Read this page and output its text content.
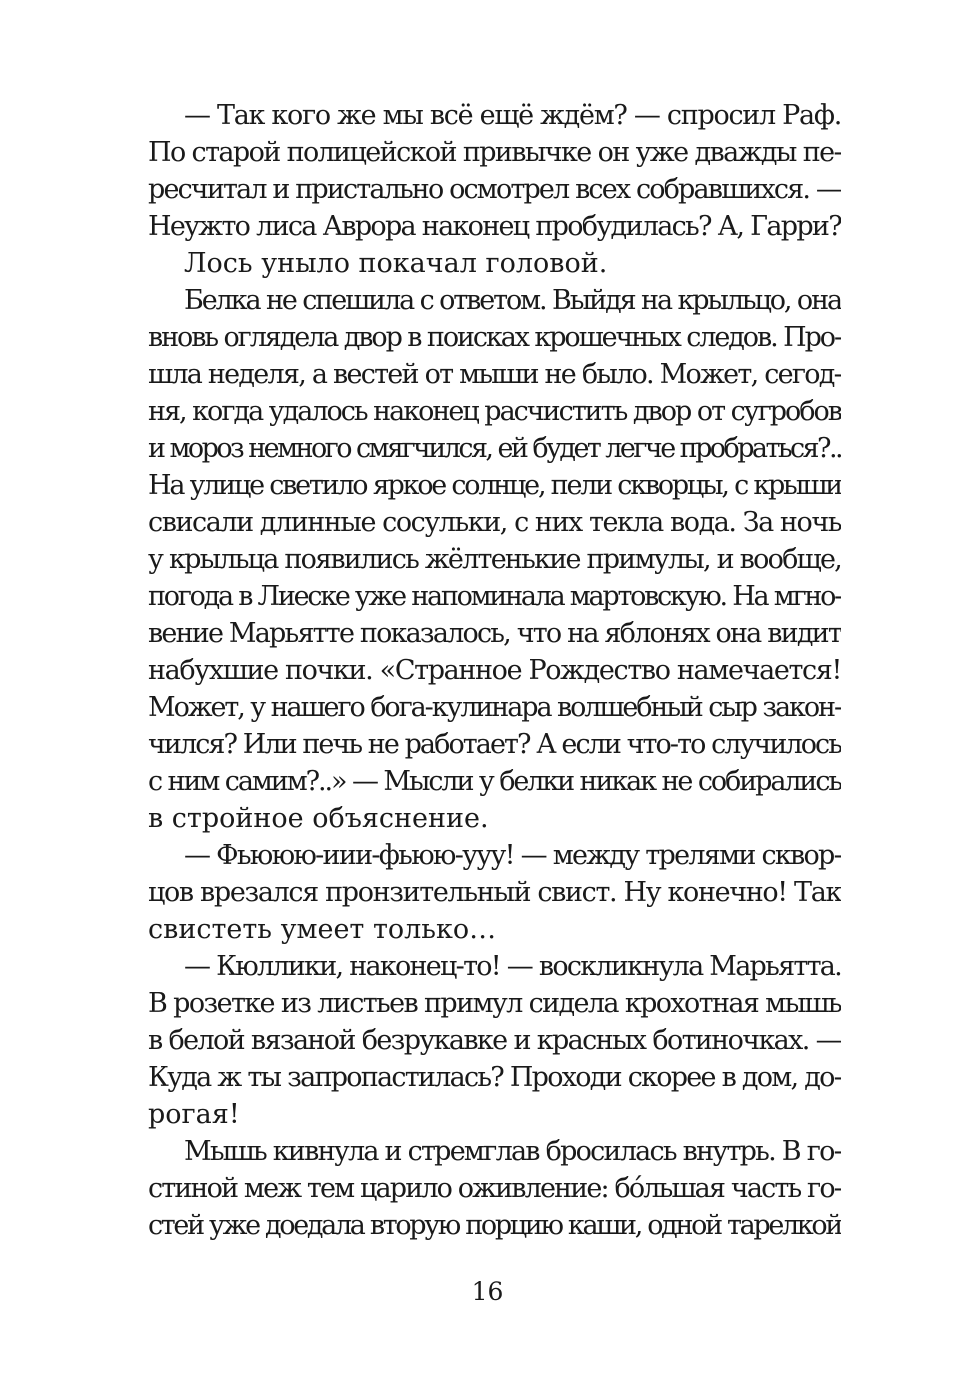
— Так кого же мы всё ещё ждём? — спросил Раф.
По старой полицейской привычке он уже дважды пе-
ресчитал и пристально осмотрел всех собравшихся. —
Неужто лиса Аврора наконец пробудилась? А, Гарри?
Лось уныло покачал головой.
Белка не спешила с ответом. Выйдя на крыльцо, она
вновь оглядела двор в поисках крошечных следов. Про-
шла неделя, а вестей от мыши не было. Может, сегод-
ня, когда удалось наконец расчистить двор от сугробов
и мороз немного смягчился, ей будет легче пробраться?..
На улице светило яркое солнце, пели скворцы, с крыши
свисали длинные сосульки, с них текла вода. За ночь
у крыльца появились жёлтенькие примулы, и вообще,
погода в Лиеске уже напоминала мартовскую. На мгно-
вение Марьятте показалось, что на яблонях она видит
набухшие почки. «Странное Рождество намечается!
Может, у нашего бога-кулинара волшебный сыр закон-
чился? Или печь не работает? А если что-то случилось
с ним самим?..» — Мысли у белки никак не собирались
в стройное объяснение.
— Фьююю-иии-фьюю-ууу! — между трелями сквор-
цов врезался пронзительный свист. Ну конечно! Так
свистеть умеет только…
— Кюллики, наконец-то! — воскликнула Марьятта.
В розетке из листьев примул сидела крохотная мышь
в белой вязаной безрукавке и красных ботиночках. —
Куда ж ты запропастилась? Проходи скорее в дом, до-
рогая!
Мышь кивнула и стремглав бросилась внутрь. В го-
стиной меж тем царило оживление: бóльшая часть го-
стей уже доедала вторую порцию каши, одной тарелкой
16
